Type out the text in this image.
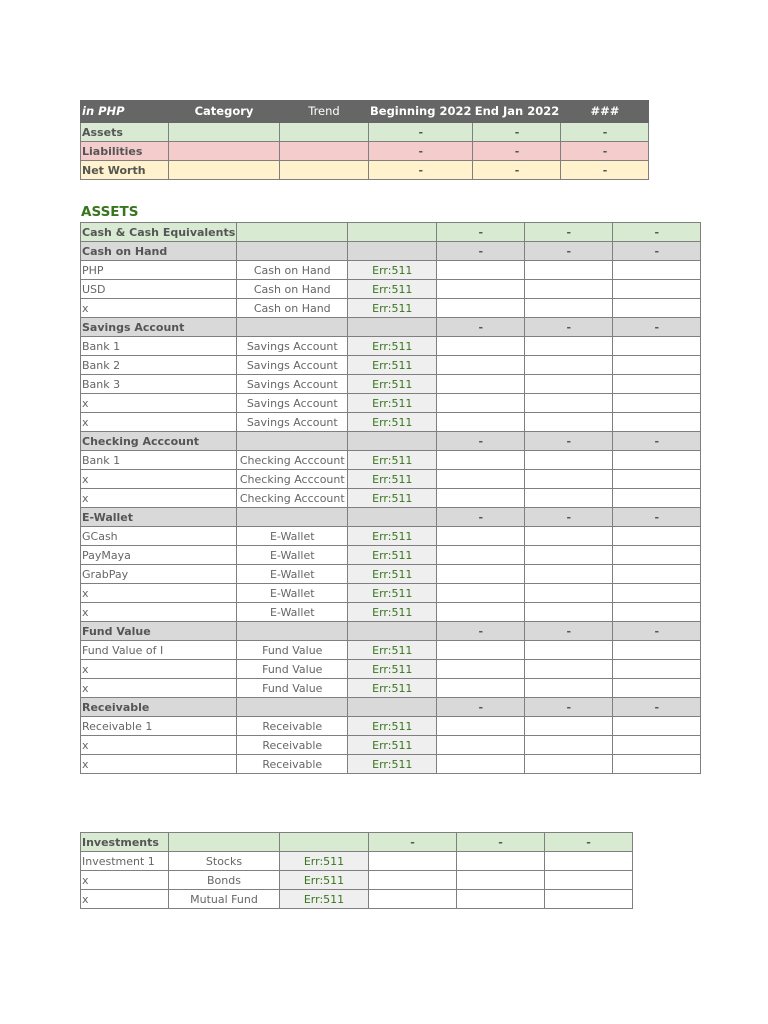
in PHP	Category	Trend	Beginning 2022	End Jan 2022	###
Assets			-	-	-
Liabilities			-	-	-
Net Worth			-	-	-
ASSETS
Cash & Cash Equivalents			-	-	-
Cash on Hand			-	-	-
PHP	Cash on Hand	Err:511			
USD	Cash on Hand	Err:511			
x	Cash on Hand	Err:511			
Savings Account			-	-	-
Bank 1	Savings Account	Err:511			
Bank 2	Savings Account	Err:511			
Bank 3	Savings Account	Err:511			
x	Savings Account	Err:511			
x	Savings Account	Err:511			
Checking Acccount			-	-	-
Bank 1	Checking Acccount	Err:511			
x	Checking Acccount	Err:511			
x	Checking Acccount	Err:511			
E-Wallet			-	-	-
GCash	E-Wallet	Err:511			
PayMaya	E-Wallet	Err:511			
GrabPay	E-Wallet	Err:511			
x	E-Wallet	Err:511			
x	E-Wallet	Err:511			
Fund Value			-	-	-
Fund Value of I	Fund Value	Err:511			
x	Fund Value	Err:511			
x	Fund Value	Err:511			
Receivable			-	-	-
Receivable 1	Receivable	Err:511			
x	Receivable	Err:511			
x	Receivable	Err:511			
Investments			-	-	-
Investment 1	Stocks	Err:511			
x	Bonds	Err:511			
x	Mutual Fund	Err:511			
